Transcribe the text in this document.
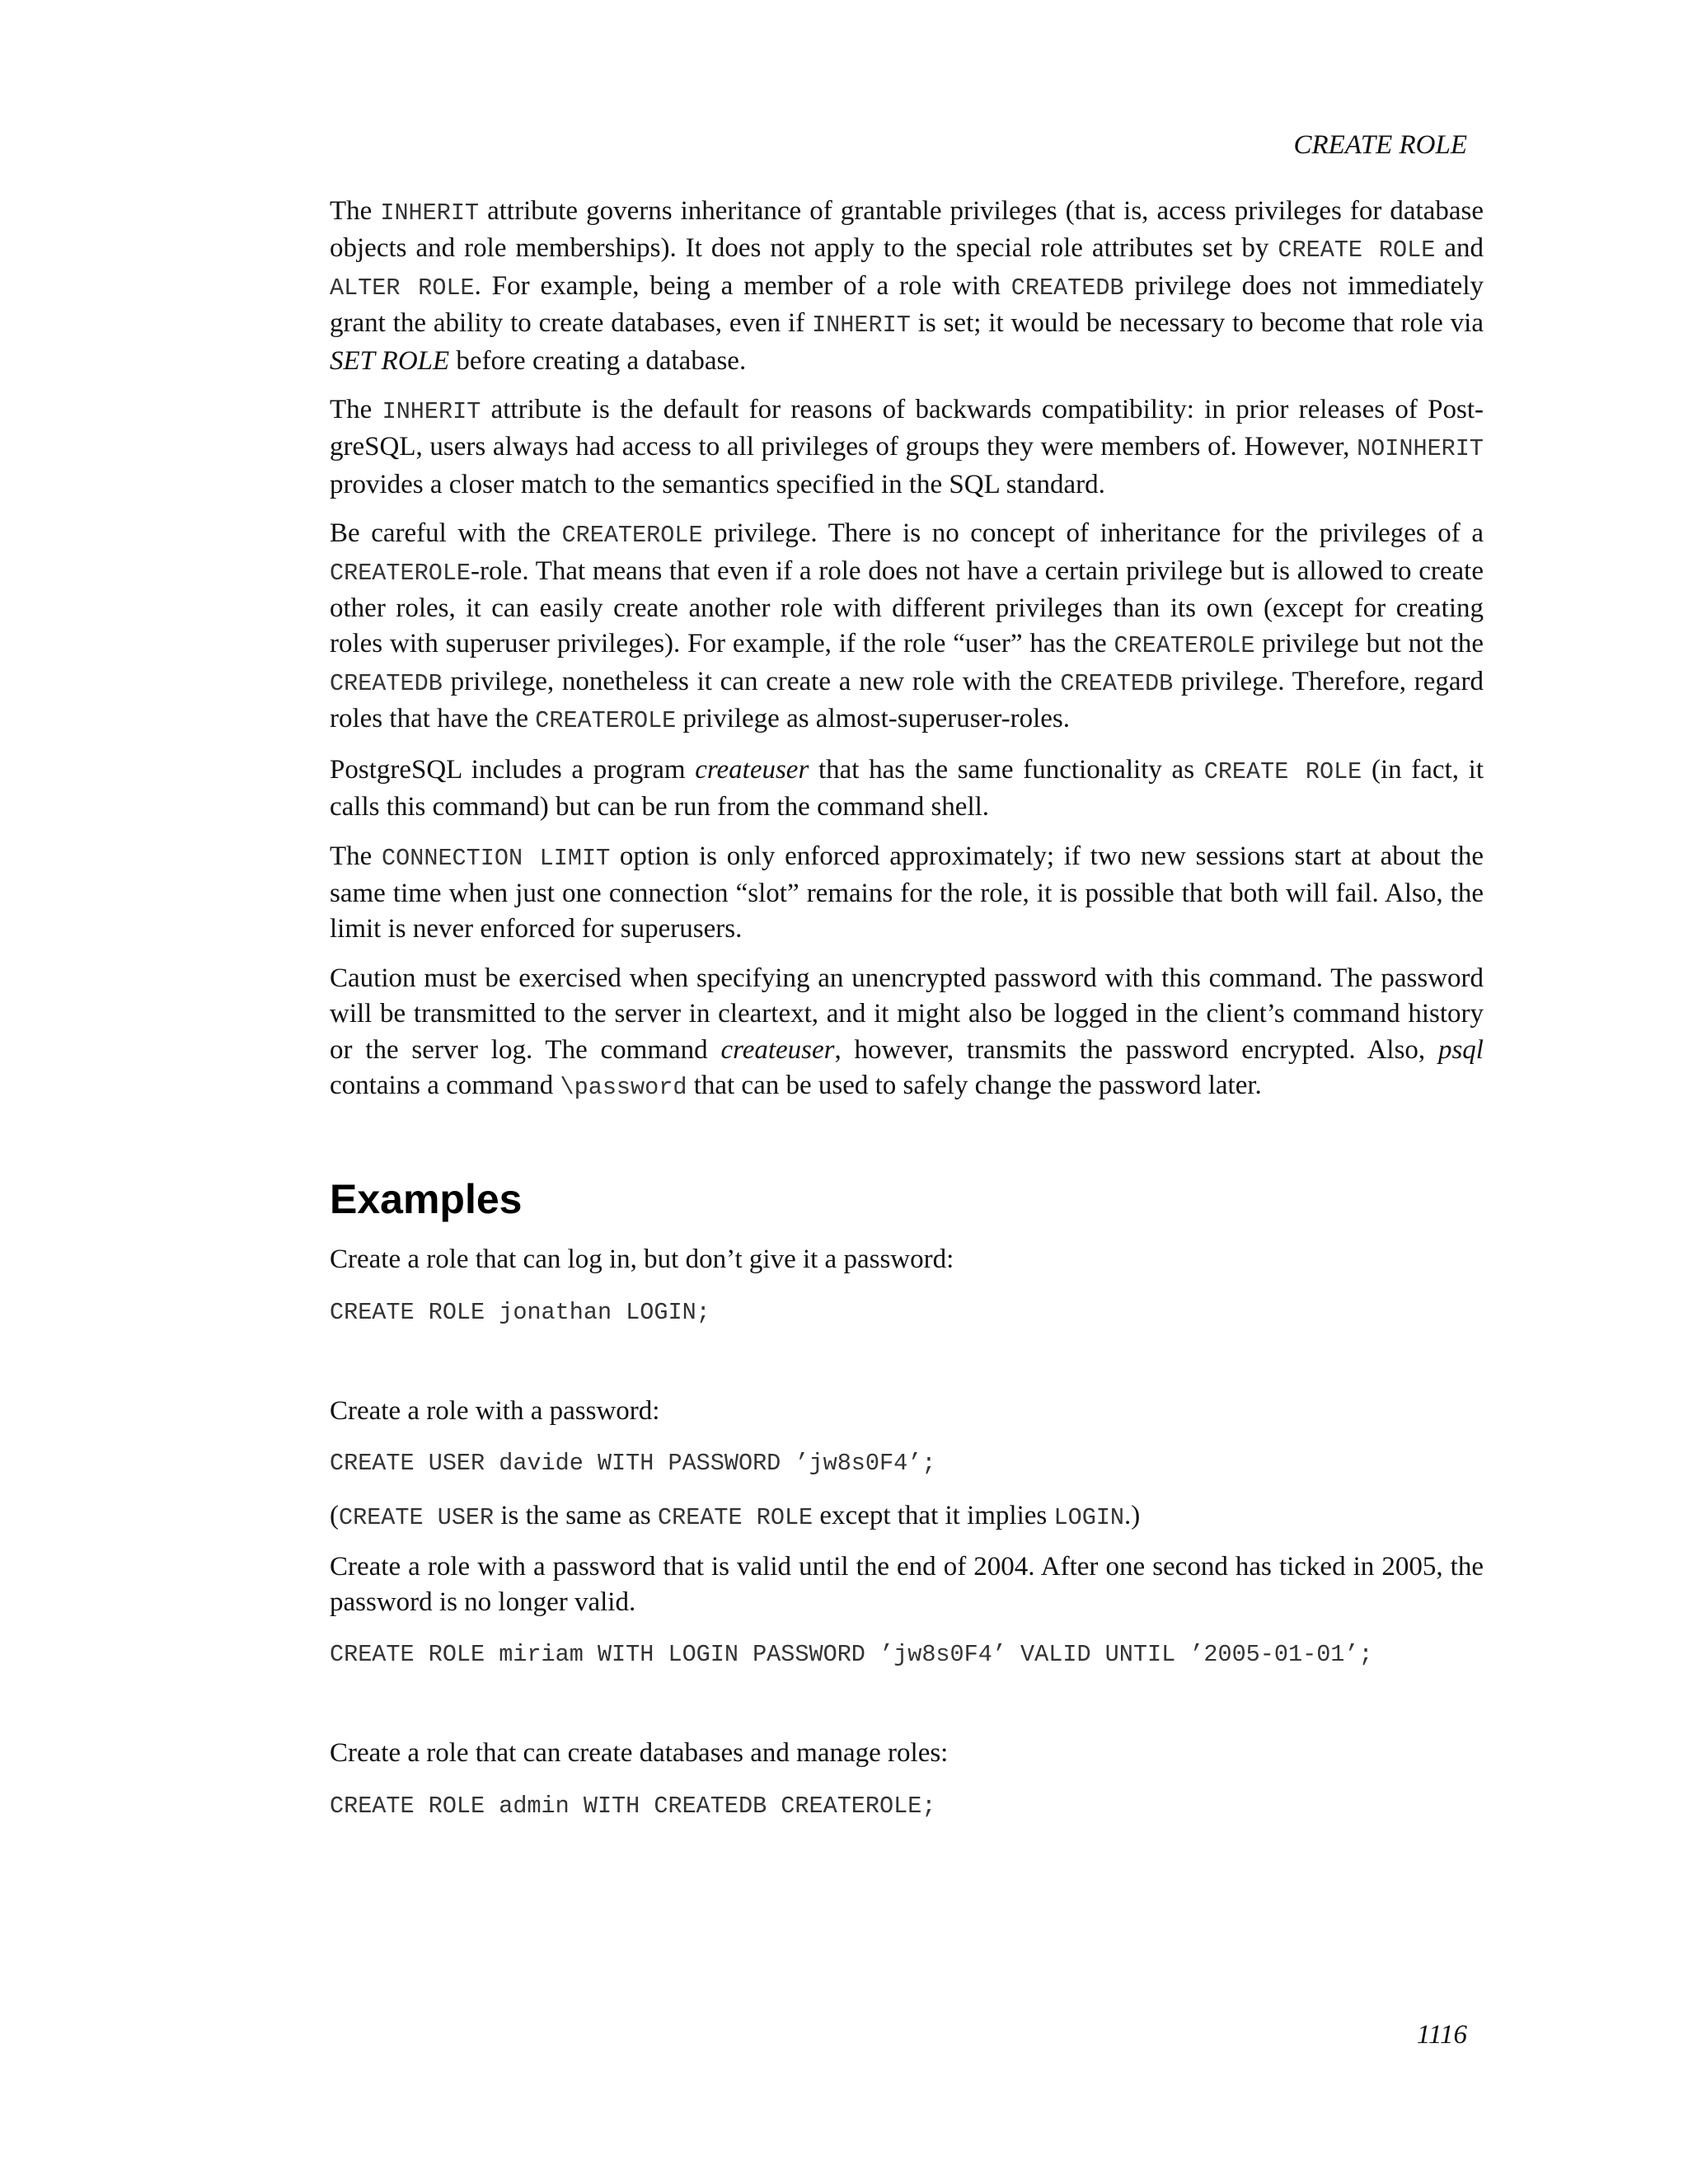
CREATE ROLE

The INHERIT attribute governs inheritance of grantable privileges (that is, access privileges for database objects and role memberships). It does not apply to the special role attributes set by CREATE ROLE and ALTER ROLE. For example, being a member of a role with CREATEDB privilege does not immediately grant the ability to create databases, even if INHERIT is set; it would be necessary to become that role via SET ROLE before creating a database.

The INHERIT attribute is the default for reasons of backwards compatibility: in prior releases of PostgreSQL, users always had access to all privileges of groups they were members of. However, NOINHERIT provides a closer match to the semantics specified in the SQL standard.

Be careful with the CREATEROLE privilege. There is no concept of inheritance for the privileges of a CREATEROLE-role. That means that even if a role does not have a certain privilege but is allowed to create other roles, it can easily create another role with different privileges than its own (except for creating roles with superuser privileges). For example, if the role “user” has the CREATEROLE privilege but not the CREATEDB privilege, nonetheless it can create a new role with the CREATEDB privilege. Therefore, regard roles that have the CREATEROLE privilege as almost-superuser-roles.

PostgreSQL includes a program createuser that has the same functionality as CREATE ROLE (in fact, it calls this command) but can be run from the command shell.

The CONNECTION LIMIT option is only enforced approximately; if two new sessions start at about the same time when just one connection “slot” remains for the role, it is possible that both will fail. Also, the limit is never enforced for superusers.

Caution must be exercised when specifying an unencrypted password with this command. The password will be transmitted to the server in cleartext, and it might also be logged in the client’s command history or the server log. The command createuser, however, transmits the password encrypted. Also, psql contains a command \password that can be used to safely change the password later.

Examples

Create a role that can log in, but don’t give it a password:

CREATE ROLE jonathan LOGIN;

Create a role with a password:

CREATE USER davide WITH PASSWORD ’jw8s0F4’;

(CREATE USER is the same as CREATE ROLE except that it implies LOGIN.)

Create a role with a password that is valid until the end of 2004. After one second has ticked in 2005, the password is no longer valid.

CREATE ROLE miriam WITH LOGIN PASSWORD ’jw8s0F4’ VALID UNTIL ’2005-01-01’;

Create a role that can create databases and manage roles:

CREATE ROLE admin WITH CREATEDB CREATEROLE;
1116
